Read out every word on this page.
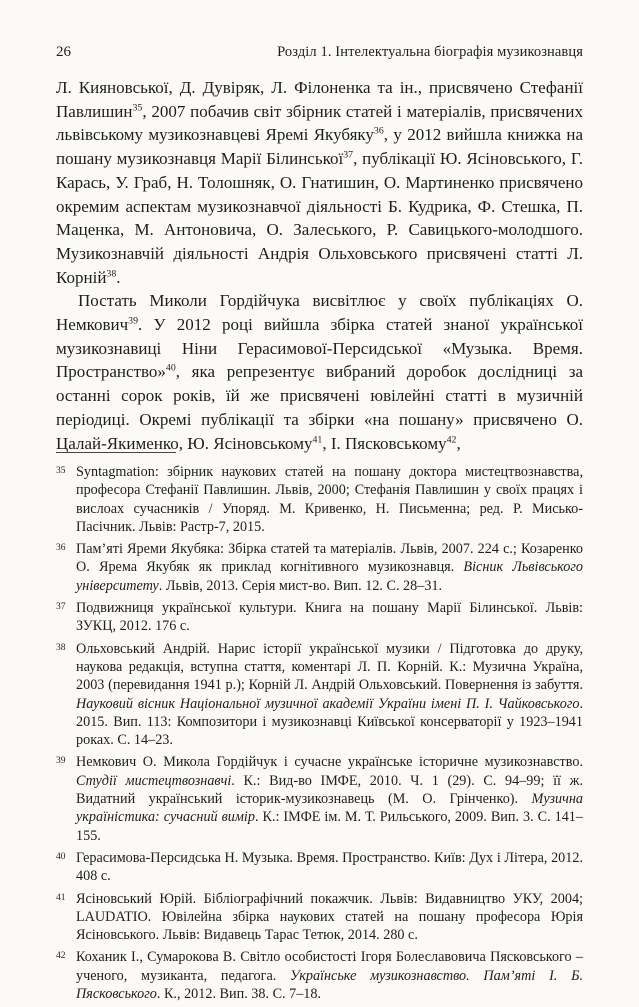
26	Розділ 1. Інтелектуальна біографія музикознавця

Л. Кияновської, Д. Дувіряк, Л. Філоненка та ін., присвячено Стефанії Павлишин$^{35}$, 2007 побачив світ збірник статей і матеріалів, присвячених львівському музикознавцеві Яремі Якубяку$^{36}$, у 2012 вийшла книжка на пошану музикознавця Марії Білинської$^{37}$, публікації Ю. Ясіновського, Г. Карась, У. Граб, Н. Толошняк, О. Гнатишин, О. Мартиненко присвячено окремим аспектам музикознавчої діяльності Б. Кудрика, Ф. Стешка, П. Маценка, М. Антоновича, О. Залеського, Р. Савицького-молодшого. Музикознавчій діяльності Андрія Ольховського присвячені статті Л. Корній$^{38}$.

Постать Миколи Гордійчука висвітлює у своїх публікаціях О. Немкович$^{39}$. У 2012 році вийшла збірка статей знаної української музикознавиці Ніни Герасимової-Персидської «Музыка. Время. Пространство»$^{40}$, яка репрезентує вибраний доробок дослідниці за останні сорок років, їй же присвячені ювілейні статті в музичній періодиці. Окремі публікації та збірки «на пошану» присвячено О. Цалай-Якименко, Ю. Ясіновському$^{41}$, І. Пясковському$^{42}$,

35 Syntagmation: збірник наукових статей на пошану доктора мистецтвознавства, професора Стефанії Павлишин. Львів, 2000; Стефанія Павлишин у своїх працях і вислоах сучасників / Упоряд. М. Кривенко, Н. Письменна; ред. Р. Мисько-Пасічник. Львів: Растр-7, 2015.
36 Пам’яті Яреми Якубяка: Збірка статей та матеріалів. Львів, 2007. 224 с.; Козаренко О. Ярема Якубяк як приклад когнітивного музикознавця. Вісник Львівського університету. Львів, 2013. Серія мист-во. Вип. 12. С. 28–31.
37 Подвижниця української культури. Книга на пошану Марії Білинської. Львів: ЗУКЦ, 2012. 176 с.
38 Ольховський Андрій. Нарис історії української музики / Підготовка до друку, наукова редакція, вступна стаття, коментарі Л. П. Корній. К.: Музична Україна, 2003 (перевидання 1941 р.); Корній Л. Андрій Ольховський. Повернення із забуття. Науковий вісник Національної музичної академії України імені П. І. Чайковського. 2015. Вип. 113: Композитори і музикознавці Київської консерваторії у 1923–1941 роках. С. 14–23.
39 Немкович О. Микола Гордійчук і сучасне українське історичне музикознавство. Студії мистецтвознавчі. К.: Вид-во ІМФЕ, 2010. Ч. 1 (29). С. 94–99; її ж. Видатний український історик-музикознавець (М. О. Грінченко). Музична україністика: сучасний вимір. К.: ІМФЕ ім. М. Т. Рильського, 2009. Вип. 3. С. 141–155.
40 Герасимова-Персидська Н. Музыка. Время. Пространство. Київ: Дух і Літера, 2012. 408 с.
41 Ясіновський Юрій. Бібліографічний покажчик. Львів: Видавництво УКУ, 2004; LAUDATIO. Ювілейна збірка наукових статей на пошану професора Юрія Ясіновського. Львів: Видавець Тарас Тетюк, 2014. 280 с.
42 Коханик І., Сумарокова В. Світло особистості Ігоря Болеславовича Пясковського – ученого, музиканта, педагога. Українське музикознавство. Пам’яті І. Б. Пясковського. К., 2012. Вип. 38. С. 7–18.
